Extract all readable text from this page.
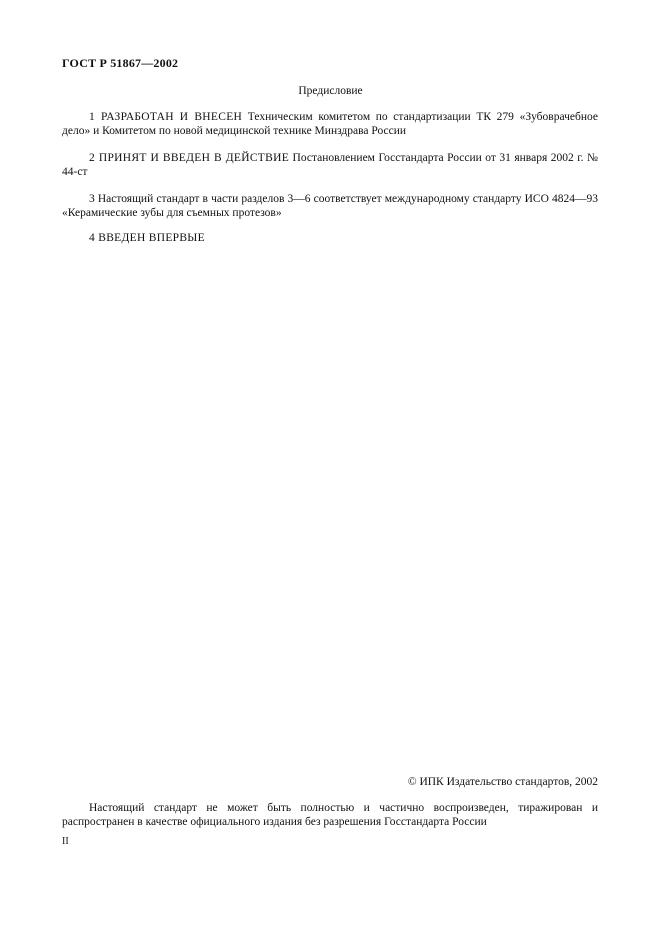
ГОСТ Р 51867—2002
Предисловие
1 РАЗРАБОТАН И ВНЕСЕН Техническим комитетом по стандартизации ТК 279 «Зубоврачебное дело» и Комитетом по новой медицинской технике Минздрава России
2 ПРИНЯТ И ВВЕДЕН В ДЕЙСТВИЕ Постановлением Госстандарта России от 31 января 2002 г. № 44-ст
3 Настоящий стандарт в части разделов 3—6 соответствует международному стандарту ИСО 4824—93 «Керамические зубы для съемных протезов»
4 ВВЕДЕН ВПЕРВЫЕ
© ИПК Издательство стандартов, 2002
Настоящий стандарт не может быть полностью и частично воспроизведен, тиражирован и распространен в качестве официального издания без разрешения Госстандарта России
II
